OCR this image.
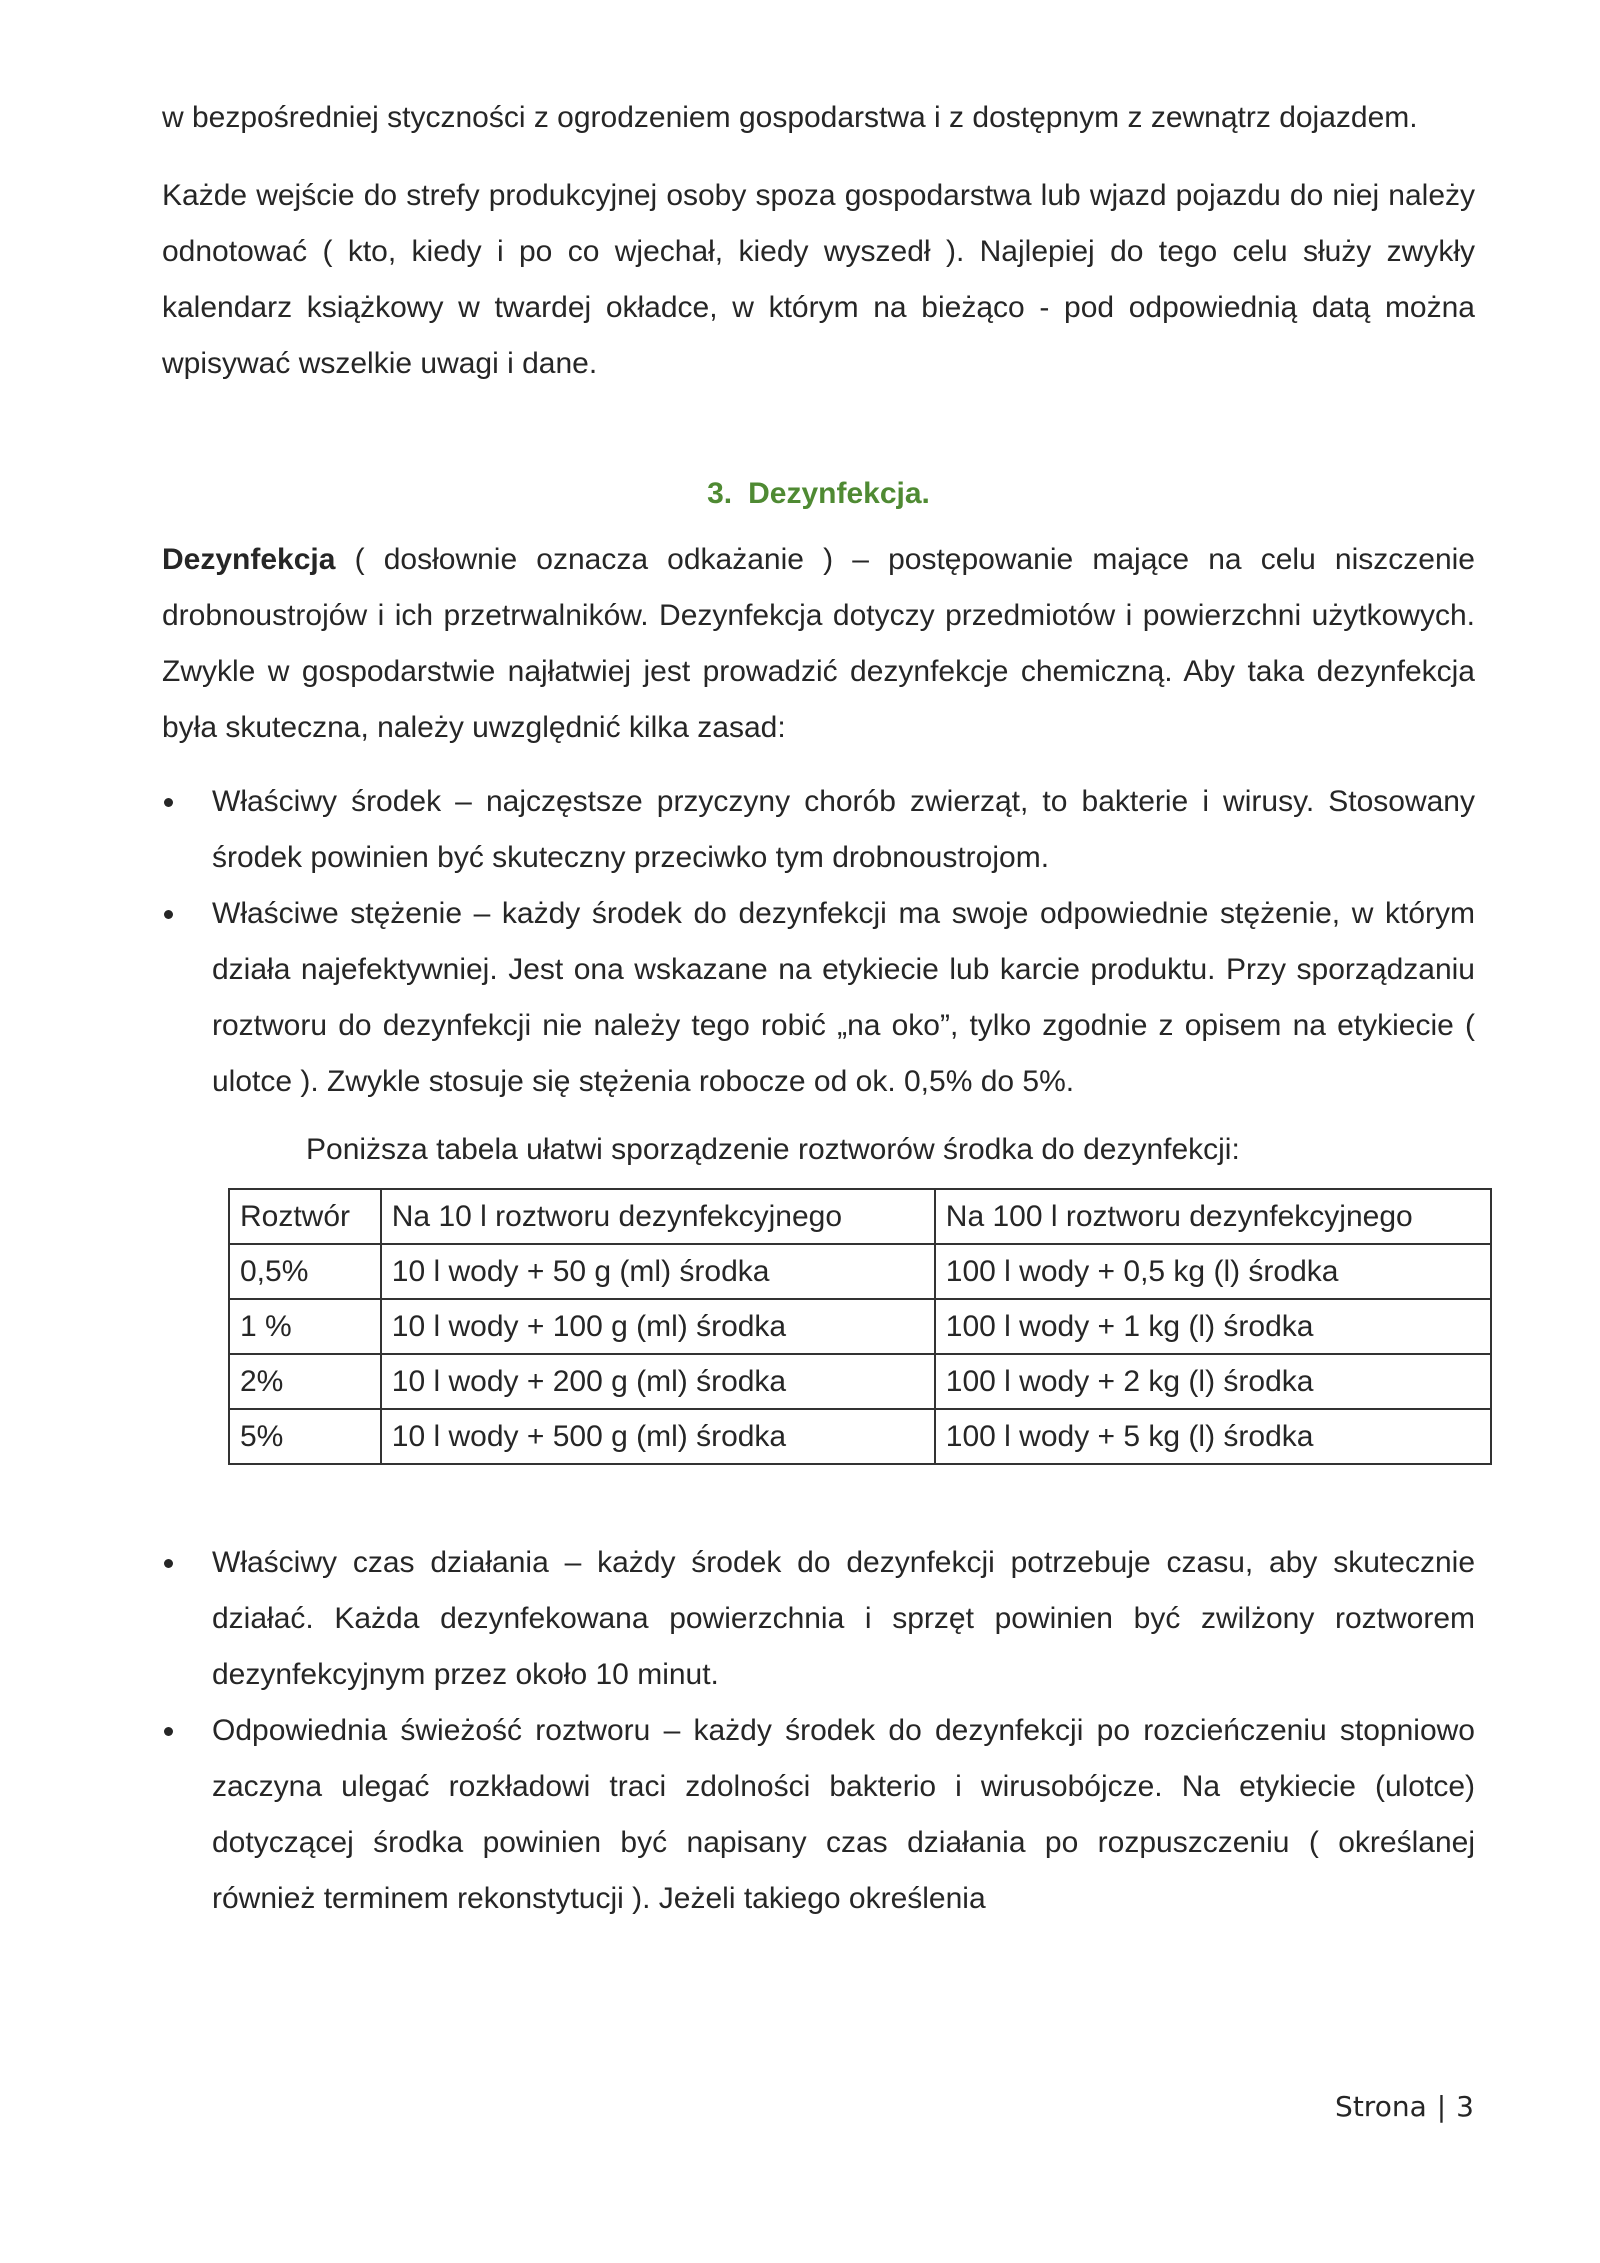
w bezpośredniej styczności z ogrodzeniem gospodarstwa i z dostępnym z zewnątrz dojazdem.

Każde wejście do strefy produkcyjnej osoby spoza gospodarstwa lub wjazd pojazdu do niej należy odnotować ( kto, kiedy i po co wjechał, kiedy wyszedł ). Najlepiej do tego celu służy zwykły kalendarz książkowy w twardej okładce, w którym na bieżąco - pod odpowiednią datą można wpisywać wszelkie uwagi i dane.

3. Dezynfekcja.

Dezynfekcja ( dosłownie oznacza odkażanie ) – postępowanie mające na celu niszczenie drobnoustrojów i ich przetrwalników. Dezynfekcja dotyczy przedmiotów i powierzchni użytkowych. Zwykle w gospodarstwie najłatwiej jest prowadzić dezynfekcje chemiczną. Aby taka dezynfekcja była skuteczna, należy uwzględnić kilka zasad:

Właściwy środek – najczęstsze przyczyny chorób zwierząt, to bakterie i wirusy. Stosowany środek powinien być skuteczny przeciwko tym drobnoustrojom.
Właściwe stężenie – każdy środek do dezynfekcji ma swoje odpowiednie stężenie, w którym działa najefektywniej. Jest ona wskazane na etykiecie lub karcie produktu. Przy sporządzaniu roztworu do dezynfekcji nie należy tego robić „na oko”, tylko zgodnie z opisem na etykiecie ( ulotce ). Zwykle stosuje się stężenia robocze od ok. 0,5% do 5%.
Poniższa tabela ułatwi sporządzenie roztworów środka do dezynfekcji:
Roztwór	Na 10 l roztworu dezynfekcyjnego	Na 100 l roztworu dezynfekcyjnego
0,5%	10 l wody + 50 g (ml) środka	100 l wody + 0,5 kg (l) środka
1 %	10 l wody + 100 g (ml) środka	100 l wody + 1 kg (l) środka
2%	10 l wody + 200 g (ml) środka	100 l wody + 2 kg (l) środka
5%	10 l wody + 500 g (ml) środka	100 l wody + 5 kg (l) środka
Właściwy czas działania – każdy środek do dezynfekcji potrzebuje czasu, aby skutecznie działać. Każda dezynfekowana powierzchnia i sprzęt powinien być zwilżony roztworem dezynfekcyjnym przez około 10 minut.
Odpowiednia świeżość roztworu – każdy środek do dezynfekcji po rozcieńczeniu stopniowo zaczyna ulegać rozkładowi traci zdolności bakterio i wirusobójcze. Na etykiecie (ulotce) dotyczącej środka powinien być napisany czas działania po rozpuszczeniu ( określanej również terminem rekonstytucji ). Jeżeli takiego określenia
Strona | 3
